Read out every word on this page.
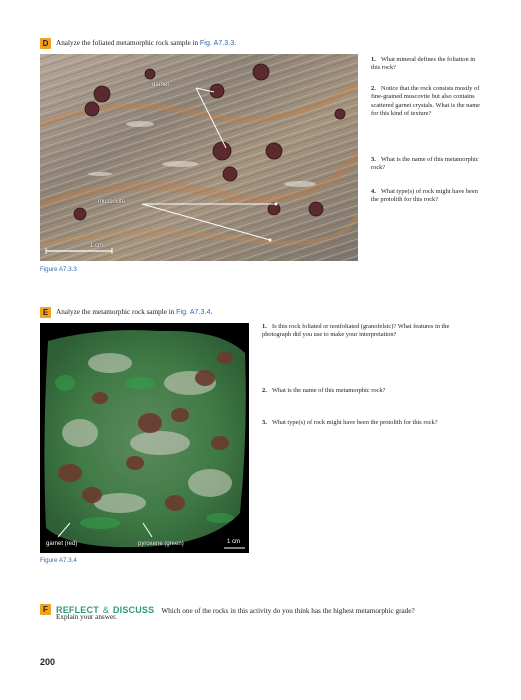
D Analyze the foliated metamorphic rock sample in Fig. A7.3.3.
garnet
muscovite
1 cm
Figure A7.3.3
1. What mineral defines the foliation in this rock?
2. Notice that the rock consists mostly of fine-grained muscovite but also contains scattered garnet crystals. What is the name for this kind of texture?
3. What is the name of this metamorphic rock?
4. What type(s) of rock might have been the protolith for this rock?
E Analyze the metamorphic rock sample in Fig. A7.3.4.
garnet (red)	pyroxene (green)	1 cm
Figure A7.3.4
1. Is this rock foliated or nonfoliated (granofelsic)? What features in the photograph did you use to make your interpretation?
2. What is the name of this metamorphic rock?
3. What type(s) of rock might have been the protolith for this rock?
F REFLECT & DISCUSS Which one of the rocks in this activity do you think has the highest metamorphic grade?
Explain your answer.
200
